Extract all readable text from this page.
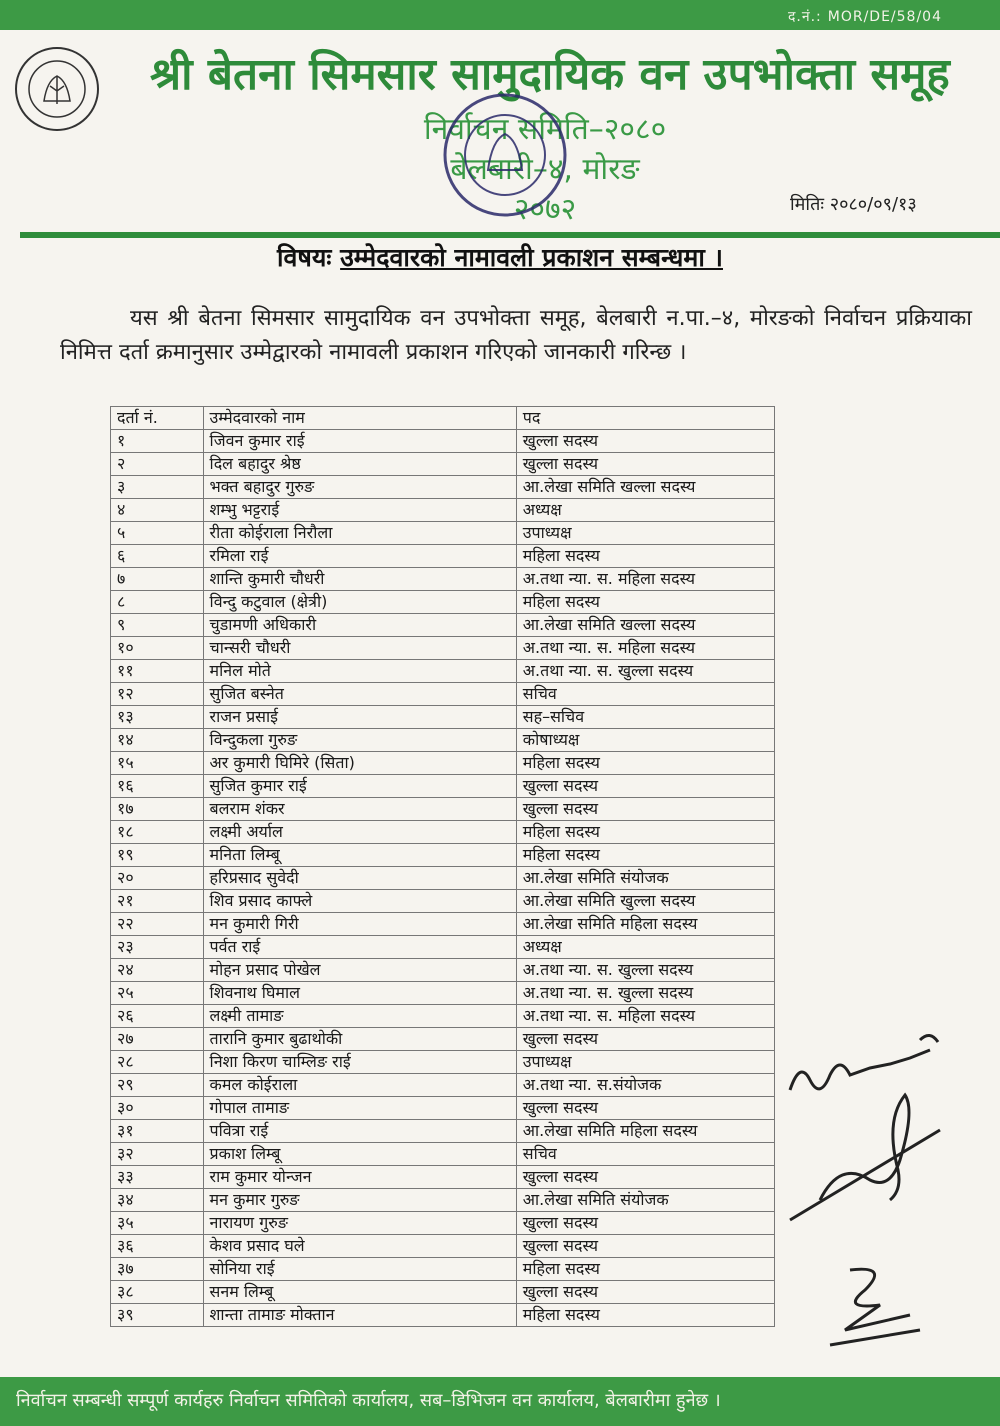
द.नं.: MOR/DE/58/04
श्री बेतना सिमसार सामुदायिक वन उपभोक्ता समूह
निर्वाचन समिति–२०८०
बेलबारी–४, मोरङ
२०७२	मितिः २०८०/०९/१३
विषयः उम्मेदवारको नामावली प्रकाशन सम्बन्धमा ।
यस श्री बेतना सिमसार सामुदायिक वन उपभोक्ता समूह, बेलबारी न.पा.–४, मोरङको निर्वाचन प्रक्रियाका निमित्त दर्ता क्रमानुसार उम्मेद्वारको नामावली प्रकाशन गरिएको जानकारी गरिन्छ ।
दर्ता नं.	उम्मेदवारको नाम	पद
१	जिवन कुमार राई	खुल्ला सदस्य
२	दिल बहादुर श्रेष्ठ	खुल्ला सदस्य
३	भक्त बहादुर गुरुङ	आ.लेखा समिति खल्ला सदस्य
४	शम्भु भट्टराई	अध्यक्ष
५	रीता कोईराला निरौला	उपाध्यक्ष
६	रमिला राई	महिला सदस्य
७	शान्ति कुमारी चौधरी	अ.तथा न्या. स. महिला सदस्य
८	विन्दु कटुवाल (क्षेत्री)	महिला सदस्य
९	चुडामणी अधिकारी	आ.लेखा समिति खल्ला सदस्य
१०	चान्सरी चौधरी	अ.तथा न्या. स. महिला सदस्य
११	मनिल मोते	अ.तथा न्या. स. खुल्ला सदस्य
१२	सुजित बस्नेत	सचिव
१३	राजन प्रसाई	सह–सचिव
१४	विन्दुकला गुरुङ	कोषाध्यक्ष
१५	अर कुमारी घिमिरे (सिता)	महिला सदस्य
१६	सुजित कुमार राई	खुल्ला सदस्य
१७	बलराम शंकर	खुल्ला सदस्य
१८	लक्ष्मी अर्याल	महिला सदस्य
१९	मनिता लिम्बू	महिला सदस्य
२०	हरिप्रसाद सुवेदी	आ.लेखा समिति संयोजक
२१	शिव प्रसाद काफ्ले	आ.लेखा समिति खुल्ला सदस्य
२२	मन कुमारी गिरी	आ.लेखा समिति महिला सदस्य
२३	पर्वत राई	अध्यक्ष
२४	मोहन प्रसाद पोखेल	अ.तथा न्या. स. खुल्ला सदस्य
२५	शिवनाथ घिमाल	अ.तथा न्या. स. खुल्ला सदस्य
२६	लक्ष्मी तामाङ	अ.तथा न्या. स. महिला सदस्य
२७	तारानि कुमार बुढाथोकी	खुल्ला सदस्य
२८	निशा किरण चाम्लिङ राई	उपाध्यक्ष
२९	कमल कोईराला	अ.तथा न्या. स.संयोजक
३०	गोपाल तामाङ	खुल्ला सदस्य
३१	पवित्रा राई	आ.लेखा समिति महिला सदस्य
३२	प्रकाश लिम्बू	सचिव
३३	राम कुमार योन्जन	खुल्ला सदस्य
३४	मन कुमार गुरुङ	आ.लेखा समिति संयोजक
३५	नारायण गुरुङ	खुल्ला सदस्य
३६	केशव प्रसाद घले	खुल्ला सदस्य
३७	सोनिया राई	महिला सदस्य
३८	सनम लिम्बू	खुल्ला सदस्य
३९	शान्ता तामाङ मोक्तान	महिला सदस्य
निर्वाचन सम्बन्धी सम्पूर्ण कार्यहरु निर्वाचन समितिको कार्यालय, सब–डिभिजन वन कार्यालय, बेलबारीमा हुनेछ ।
